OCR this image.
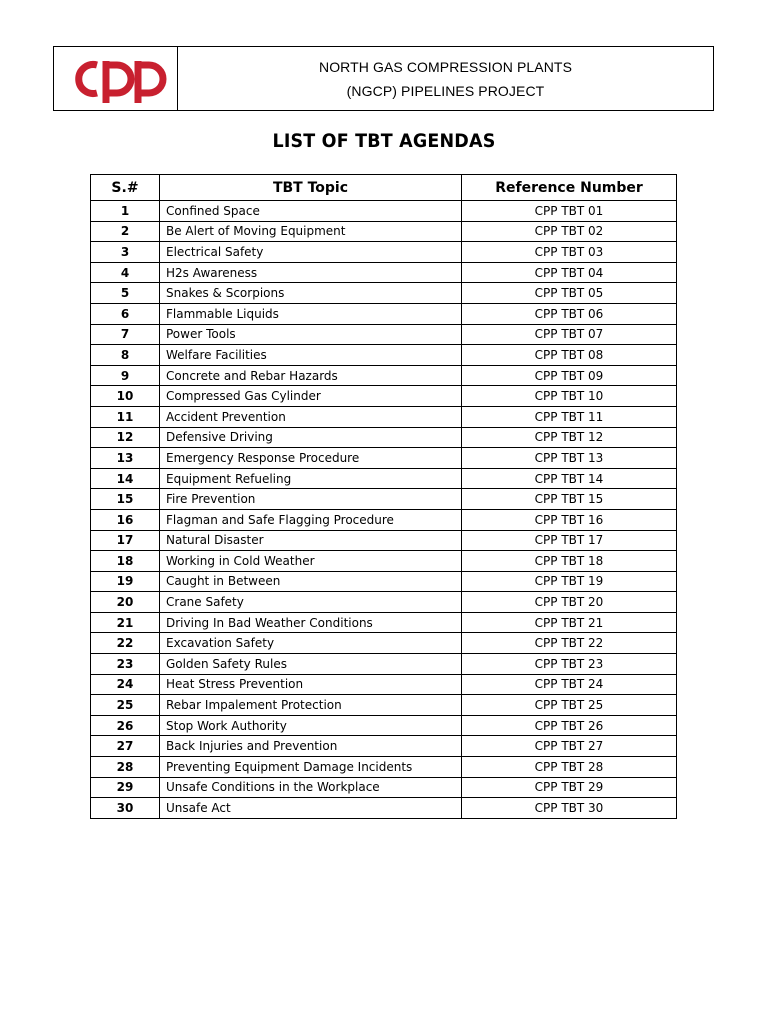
NORTH GAS COMPRESSION PLANTS
(NGCP) PIPELINES PROJECT
LIST OF TBT AGENDAS
S.#	TBT Topic	Reference Number
1	Confined Space	CPP TBT 01
2	Be Alert of Moving Equipment	CPP TBT 02
3	Electrical Safety	CPP TBT 03
4	H2s Awareness	CPP TBT 04
5	Snakes & Scorpions	CPP TBT 05
6	Flammable Liquids	CPP TBT 06
7	Power Tools	CPP TBT 07
8	Welfare Facilities	CPP TBT 08
9	Concrete and Rebar Hazards	CPP TBT 09
10	Compressed Gas Cylinder	CPP TBT 10
11	Accident Prevention	CPP TBT 11
12	Defensive Driving	CPP TBT 12
13	Emergency Response Procedure	CPP TBT 13
14	Equipment Refueling	CPP TBT 14
15	Fire Prevention	CPP TBT 15
16	Flagman and Safe Flagging Procedure	CPP TBT 16
17	Natural Disaster	CPP TBT 17
18	Working in Cold Weather	CPP TBT 18
19	Caught in Between	CPP TBT 19
20	Crane Safety	CPP TBT 20
21	Driving In Bad Weather Conditions	CPP TBT 21
22	Excavation Safety	CPP TBT 22
23	Golden Safety Rules	CPP TBT 23
24	Heat Stress Prevention	CPP TBT 24
25	Rebar Impalement Protection	CPP TBT 25
26	Stop Work Authority	CPP TBT 26
27	Back Injuries and Prevention	CPP TBT 27
28	Preventing Equipment Damage Incidents	CPP TBT 28
29	Unsafe Conditions in the Workplace	CPP TBT 29
30	Unsafe Act	CPP TBT 30
